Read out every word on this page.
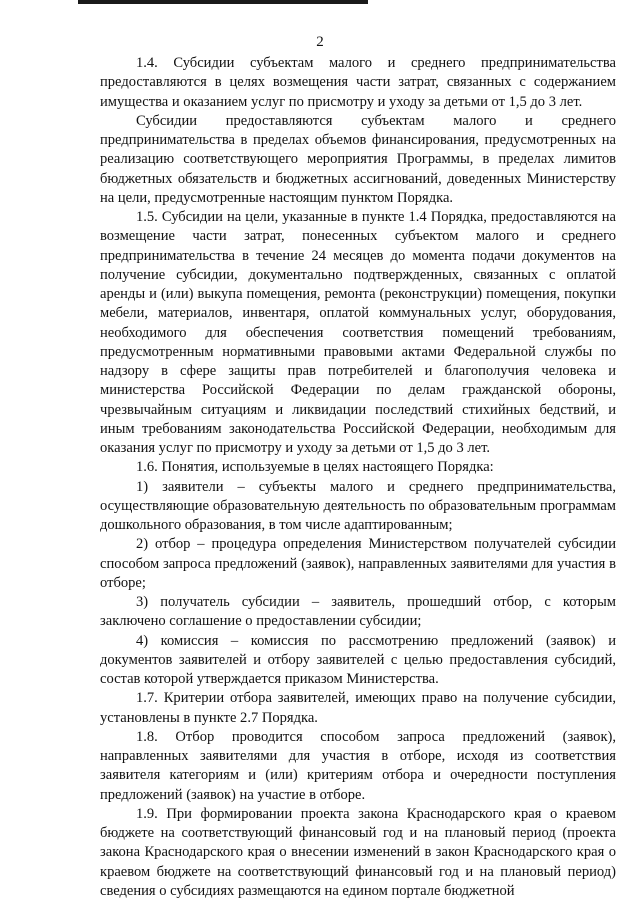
2

1.4. Субсидии субъектам малого и среднего предпринимательства предоставляются в целях возмещения части затрат, связанных с содержанием имущества и оказанием услуг по присмотру и уходу за детьми от 1,5 до 3 лет.

Субсидии предоставляются субъектам малого и среднего предпринимательства в пределах объемов финансирования, предусмотренных на реализацию соответствующего мероприятия Программы, в пределах лимитов бюджетных обязательств и бюджетных ассигнований, доведенных Министерству на цели, предусмотренные настоящим пунктом Порядка.

1.5. Субсидии на цели, указанные в пункте 1.4 Порядка, предоставляются на возмещение части затрат, понесенных субъектом малого и среднего предпринимательства в течение 24 месяцев до момента подачи документов на получение субсидии, документально подтвержденных, связанных с оплатой аренды и (или) выкупа помещения, ремонта (реконструкции) помещения, покупки мебели, материалов, инвентаря, оплатой коммунальных услуг, оборудования, необходимого для обеспечения соответствия помещений требованиям, предусмотренным нормативными правовыми актами Федеральной службы по надзору в сфере защиты прав потребителей и благополучия человека и министерства Российской Федерации по делам гражданской обороны, чрезвычайным ситуациям и ликвидации последствий стихийных бедствий, и иным требованиям законодательства Российской Федерации, необходимым для оказания услуг по присмотру и уходу за детьми от 1,5 до 3 лет.

1.6. Понятия, используемые в целях настоящего Порядка:

1) заявители – субъекты малого и среднего предпринимательства, осуществляющие образовательную деятельность по образовательным программам дошкольного образования, в том числе адаптированным;

2) отбор – процедура определения Министерством получателей субсидии способом запроса предложений (заявок), направленных заявителями для участия в отборе;

3) получатель субсидии – заявитель, прошедший отбор, с которым заключено соглашение о предоставлении субсидии;

4) комиссия – комиссия по рассмотрению предложений (заявок) и документов заявителей и отбору заявителей с целью предоставления субсидий, состав которой утверждается приказом Министерства.

1.7. Критерии отбора заявителей, имеющих право на получение субсидии, установлены в пункте 2.7 Порядка.

1.8. Отбор проводится способом запроса предложений (заявок), направленных заявителями для участия в отборе, исходя из соответствия заявителя категориям и (или) критериям отбора и очередности поступления предложений (заявок) на участие в отборе.

1.9. При формировании проекта закона Краснодарского края о краевом бюджете на соответствующий финансовый год и на плановый период (проекта закона Краснодарского края о внесении изменений в закон Краснодарского края о краевом бюджете на соответствующий финансовый год и на плановый период) сведения о субсидиях размещаются на едином портале бюджетной
